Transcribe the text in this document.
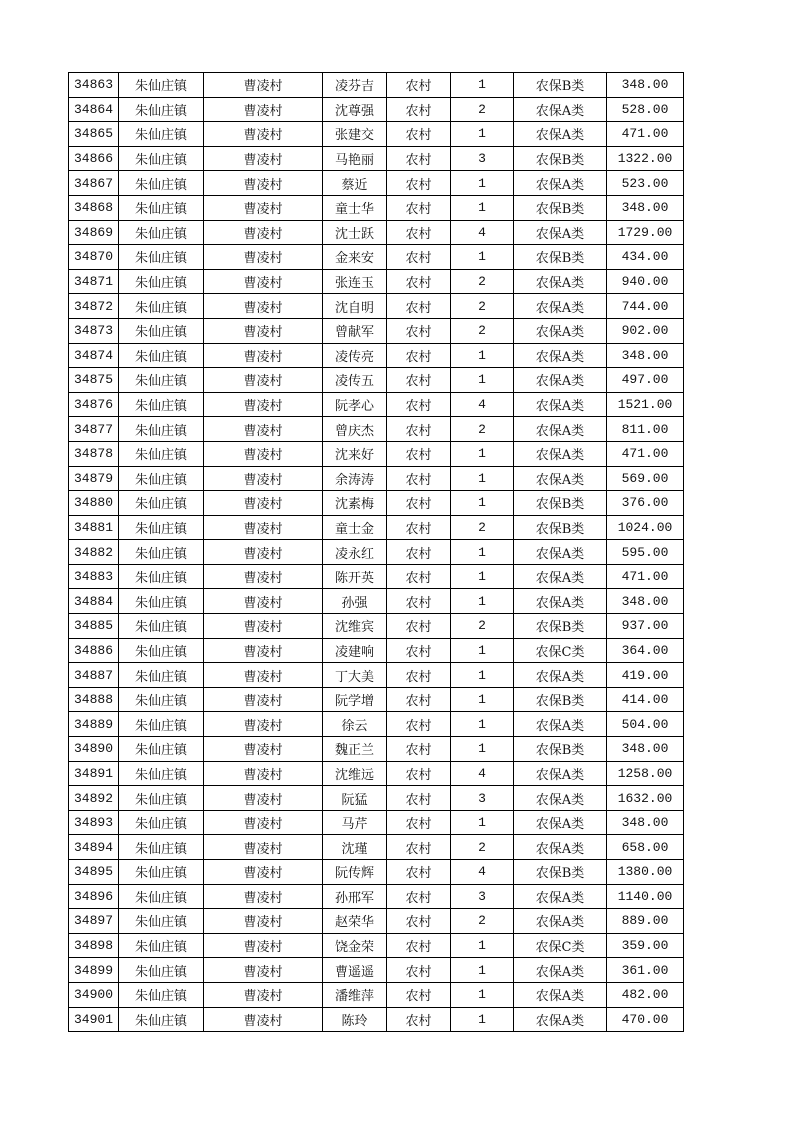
34863	朱仙庄镇	曹凌村	凌芬吉	农村	1	农保B类	348.00
34864	朱仙庄镇	曹凌村	沈尊强	农村	2	农保A类	528.00
34865	朱仙庄镇	曹凌村	张建交	农村	1	农保A类	471.00
34866	朱仙庄镇	曹凌村	马艳丽	农村	3	农保B类	1322.00
34867	朱仙庄镇	曹凌村	蔡近	农村	1	农保A类	523.00
34868	朱仙庄镇	曹凌村	童士华	农村	1	农保B类	348.00
34869	朱仙庄镇	曹凌村	沈士跃	农村	4	农保A类	1729.00
34870	朱仙庄镇	曹凌村	金来安	农村	1	农保B类	434.00
34871	朱仙庄镇	曹凌村	张连玉	农村	2	农保A类	940.00
34872	朱仙庄镇	曹凌村	沈自明	农村	2	农保A类	744.00
34873	朱仙庄镇	曹凌村	曾献军	农村	2	农保A类	902.00
34874	朱仙庄镇	曹凌村	凌传亮	农村	1	农保A类	348.00
34875	朱仙庄镇	曹凌村	凌传五	农村	1	农保A类	497.00
34876	朱仙庄镇	曹凌村	阮孝心	农村	4	农保A类	1521.00
34877	朱仙庄镇	曹凌村	曾庆杰	农村	2	农保A类	811.00
34878	朱仙庄镇	曹凌村	沈来好	农村	1	农保A类	471.00
34879	朱仙庄镇	曹凌村	余涛涛	农村	1	农保A类	569.00
34880	朱仙庄镇	曹凌村	沈素梅	农村	1	农保B类	376.00
34881	朱仙庄镇	曹凌村	童士金	农村	2	农保B类	1024.00
34882	朱仙庄镇	曹凌村	凌永红	农村	1	农保A类	595.00
34883	朱仙庄镇	曹凌村	陈开英	农村	1	农保A类	471.00
34884	朱仙庄镇	曹凌村	孙强	农村	1	农保A类	348.00
34885	朱仙庄镇	曹凌村	沈维宾	农村	2	农保B类	937.00
34886	朱仙庄镇	曹凌村	凌建响	农村	1	农保C类	364.00
34887	朱仙庄镇	曹凌村	丁大美	农村	1	农保A类	419.00
34888	朱仙庄镇	曹凌村	阮学增	农村	1	农保B类	414.00
34889	朱仙庄镇	曹凌村	徐云	农村	1	农保A类	504.00
34890	朱仙庄镇	曹凌村	魏正兰	农村	1	农保B类	348.00
34891	朱仙庄镇	曹凌村	沈维远	农村	4	农保A类	1258.00
34892	朱仙庄镇	曹凌村	阮猛	农村	3	农保A类	1632.00
34893	朱仙庄镇	曹凌村	马芹	农村	1	农保A类	348.00
34894	朱仙庄镇	曹凌村	沈瑾	农村	2	农保A类	658.00
34895	朱仙庄镇	曹凌村	阮传辉	农村	4	农保B类	1380.00
34896	朱仙庄镇	曹凌村	孙邢军	农村	3	农保A类	1140.00
34897	朱仙庄镇	曹凌村	赵荣华	农村	2	农保A类	889.00
34898	朱仙庄镇	曹凌村	饶金荣	农村	1	农保C类	359.00
34899	朱仙庄镇	曹凌村	曹遥遥	农村	1	农保A类	361.00
34900	朱仙庄镇	曹凌村	潘维萍	农村	1	农保A类	482.00
34901	朱仙庄镇	曹凌村	陈玲	农村	1	农保A类	470.00
